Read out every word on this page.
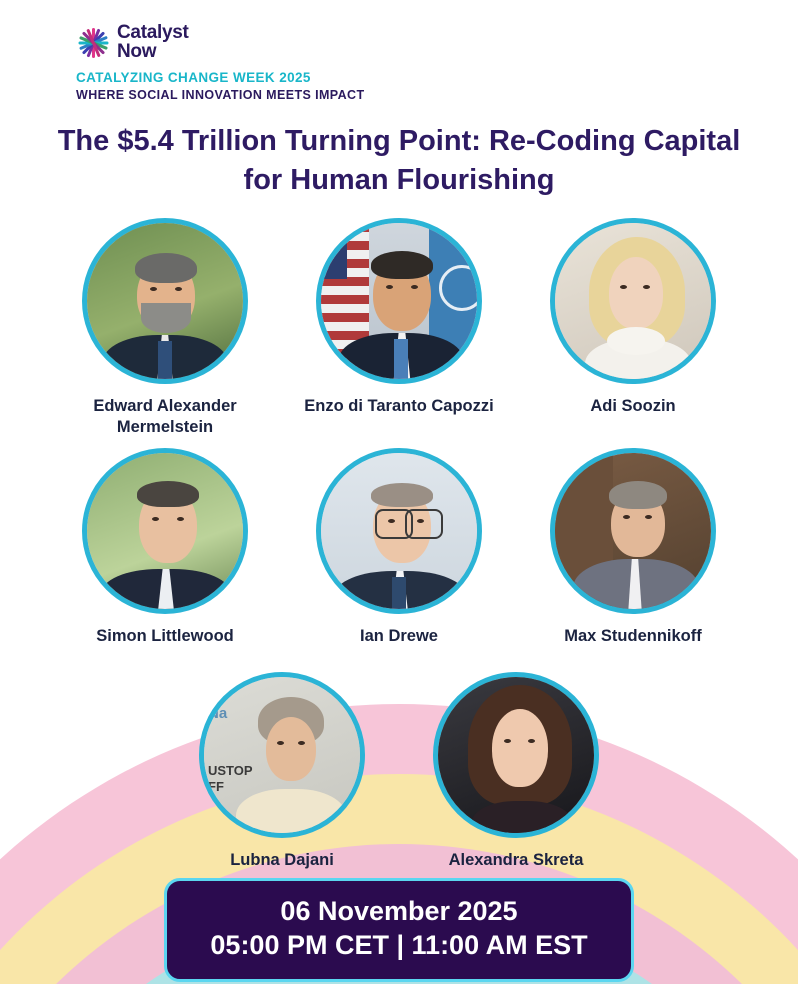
Catalyst
Now
CATALYZING CHANGE WEEK 2025
WHERE SOCIAL INNOVATION MEETS IMPACT
The $5.4 Trillion Turning Point: Re-Coding Capital for Human Flourishing
Edward Alexander Mermelstein
Enzo di Taranto Capozzi	Adi Soozin
Simon Littlewood	Ian Drewe	Max Studennikoff
Un
Na
USTOP
FF
Lubna Dajani	Alexandra Skreta
06 November 2025
05:00 PM CET | 11:00 AM EST
